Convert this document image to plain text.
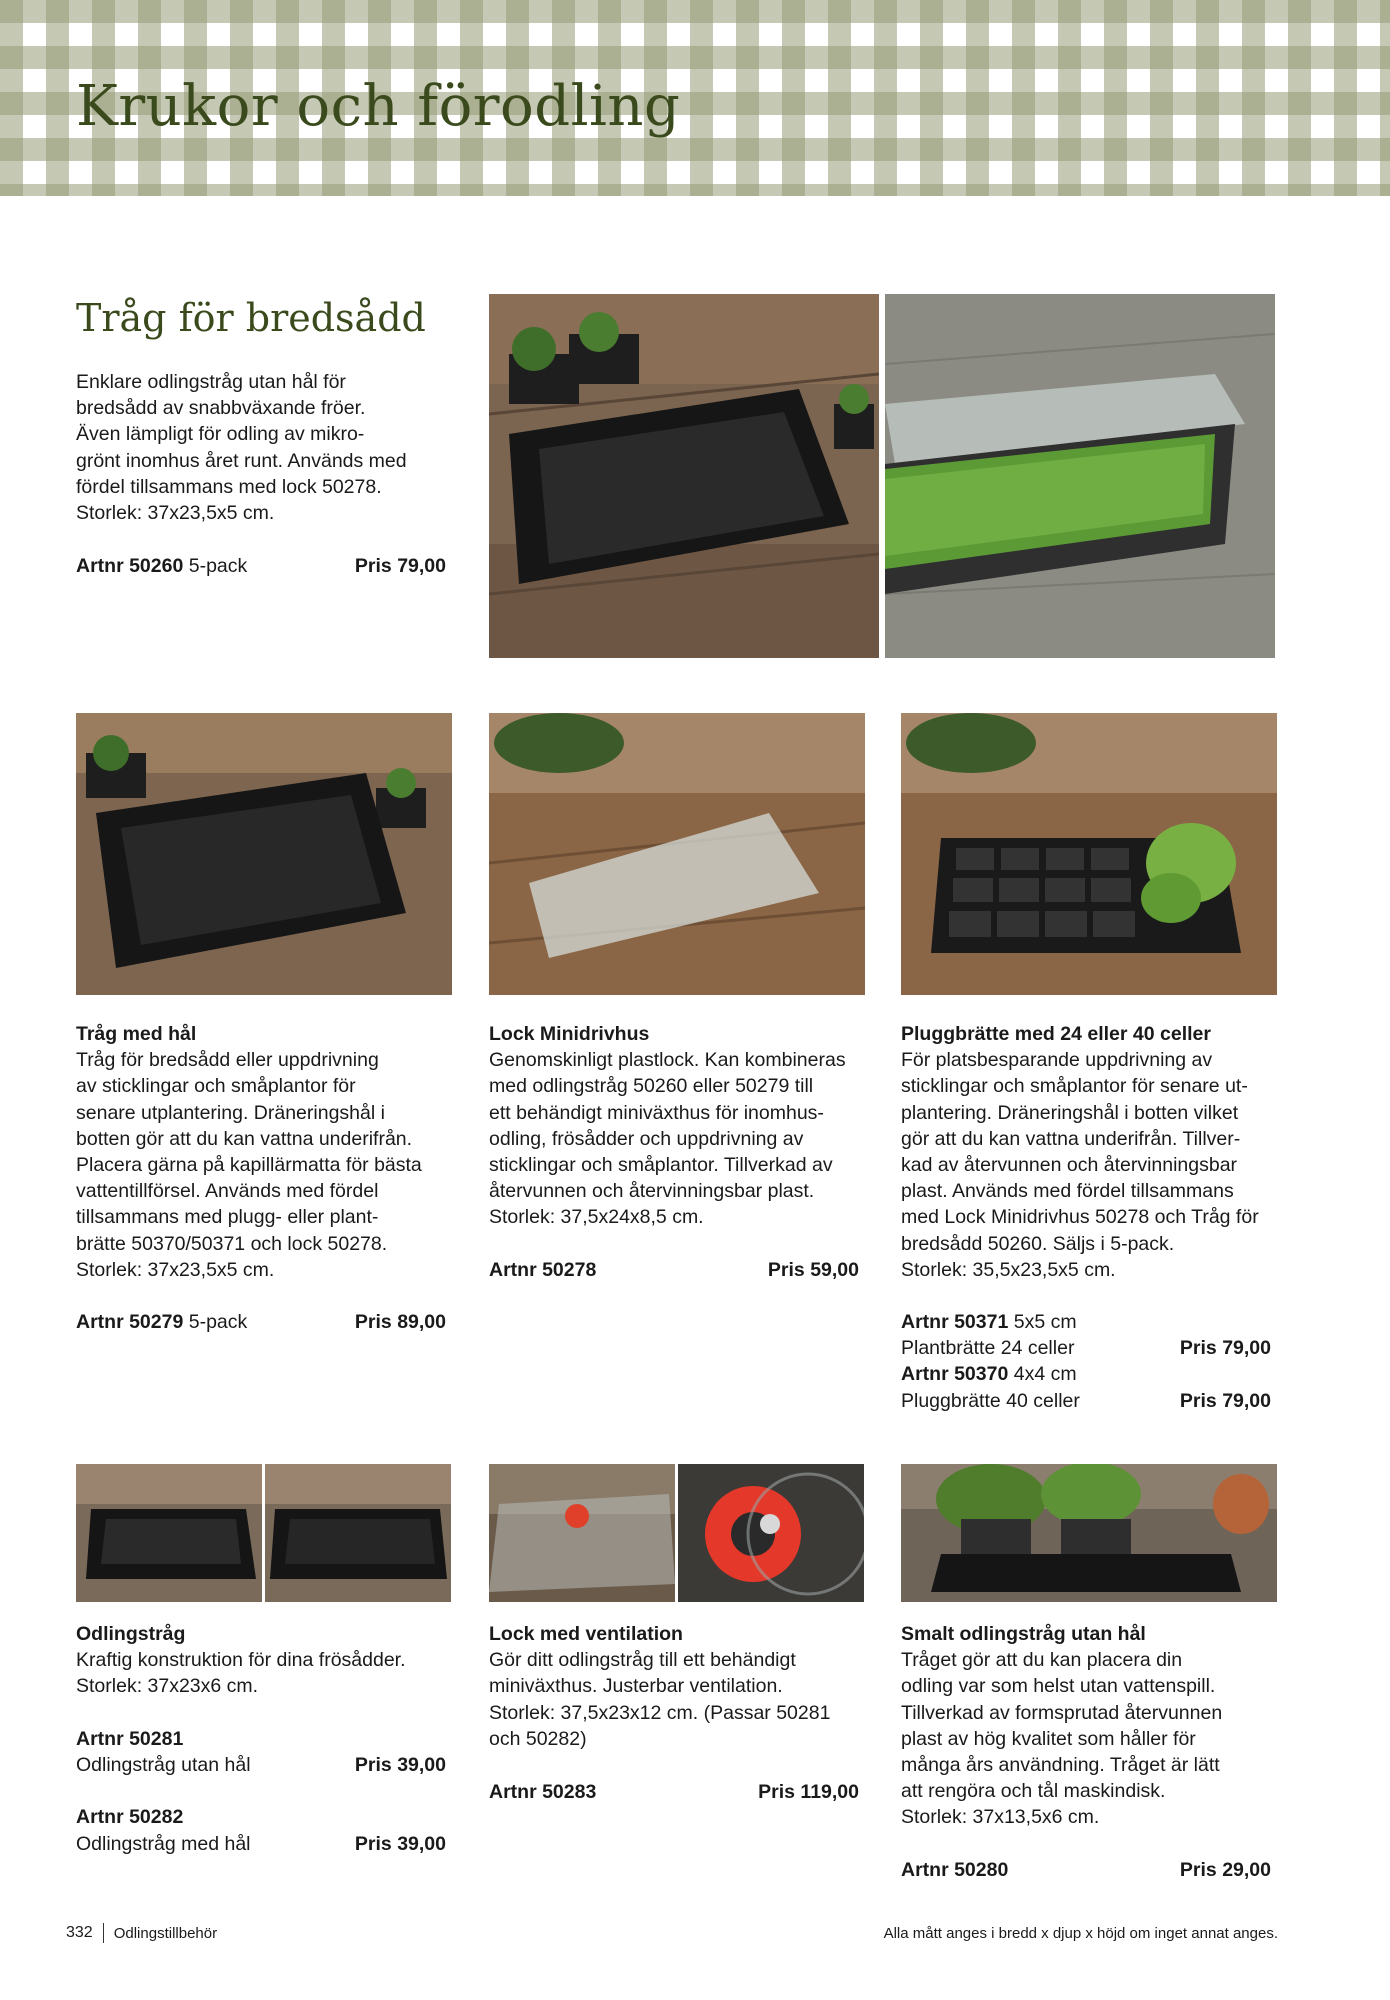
Krukor och förodling
Tråg för bredsådd
Enklare odlingstråg utan hål för
bredsådd av snabbväxande fröer.
Även lämpligt för odling av mikro-
grönt inomhus året runt. Används med
fördel tillsammans med lock 50278.
Storlek: 37x23,5x5 cm.
Artnr 50260 5-pack	Pris 79,00
Tråg med hål
Tråg för bredsådd eller uppdrivning
av sticklingar och småplantor för
senare utplantering. Dräneringshål i
botten gör att du kan vattna underifrån.
Placera gärna på kapillärmatta för bästa
vattentillförsel. Används med fördel
tillsammans med plugg- eller plant-
brätte 50370/50371 och lock 50278.
Storlek: 37x23,5x5 cm.
Artnr 50279 5-pack	Pris 89,00
Lock Minidrivhus
Genomskinligt plastlock. Kan kombineras
med odlingstråg 50260 eller 50279 till
ett behändigt miniväxthus för inomhus-
odling, frösådder och uppdrivning av
sticklingar och småplantor. Tillverkad av
återvunnen och återvinningsbar plast.
Storlek: 37,5x24x8,5 cm.
Artnr 50278	Pris 59,00
Pluggbrätte med 24 eller 40 celler
För platsbesparande uppdrivning av
sticklingar och småplantor för senare ut-
plantering. Dräneringshål i botten vilket
gör att du kan vattna underifrån. Tillver-
kad av återvunnen och återvinningsbar
plast. Används med fördel tillsammans
med Lock Minidrivhus 50278 och Tråg för
bredsådd 50260. Säljs i 5-pack.
Storlek: 35,5x23,5x5 cm.
Artnr 50371 5x5 cm
Plantbrätte 24 celler	Pris 79,00
Artnr 50370 4x4 cm
Pluggbrätte 40 celler	Pris 79,00
Odlingstråg
Kraftig konstruktion för dina frösådder.
Storlek: 37x23x6 cm.
Artnr 50281
Odlingstråg utan hål	Pris 39,00
Artnr 50282
Odlingstråg med hål	Pris 39,00
Lock med ventilation
Gör ditt odlingstråg till ett behändigt
miniväxthus. Justerbar ventilation.
Storlek: 37,5x23x12 cm. (Passar 50281
och 50282)
Artnr 50283	Pris 119,00
Smalt odlingstråg utan hål
Tråget gör att du kan placera din
odling var som helst utan vattenspill.
Tillverkad av formsprutad återvunnen
plast av hög kvalitet som håller för
många års användning. Tråget är lätt
att rengöra och tål maskindisk.
Storlek: 37x13,5x6 cm.
Artnr 50280	Pris 29,00
332 Odlingstillbehör	Alla mått anges i bredd x djup x höjd om inget annat anges.
